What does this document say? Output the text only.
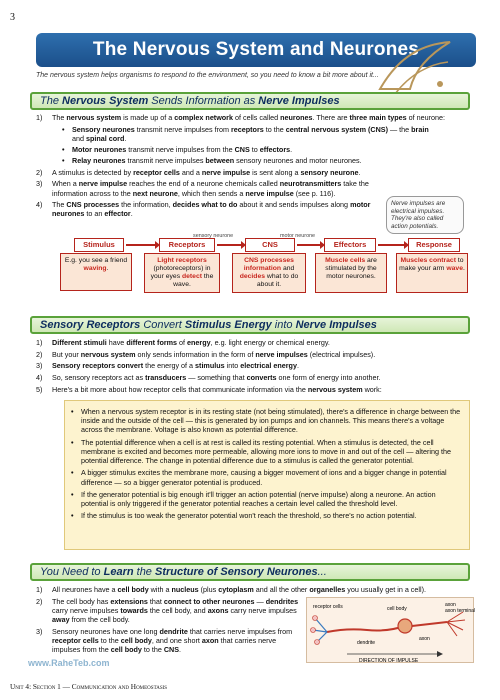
3
The Nervous System and Neurones
The nervous system helps organisms to respond to the environment, so you need to know a bit more about it...
The Nervous System Sends Information as Nerve Impulses
1)	The nervous system is made up of a complex network of cells called neurones. There are three main types of neurone:
•	Sensory neurones transmit nerve impulses from receptors to the central nervous system (CNS) — the brain and spinal cord.
•	Motor neurones transmit nerve impulses from the CNS to effectors.
•	Relay neurones transmit nerve impulses between sensory neurones and motor neurones.
2)	A stimulus is detected by receptor cells and a nerve impulse is sent along a sensory neurone.
3)	When a nerve impulse reaches the end of a neurone chemicals called neurotransmitters take the information across to the next neurone, which then sends a nerve impulse (see p. 116).
4)	The CNS processes the information, decides what to do about it and sends impulses along motor neurones to an effector.
Nerve impulses are electrical impulses. They're also called action potentials.
Stimulus	Receptors	CNS	Effectors	Response
sensory neurone	motor neurone
E.g. you see a friend waving.
Light receptors (photoreceptors) in your eyes detect the wave.
CNS processes information and decides what to do about it.
Muscle cells are stimulated by the motor neurones.
Muscles contract to make your arm wave.
Sensory Receptors Convert Stimulus Energy into Nerve Impulses
1)	Different stimuli have different forms of energy, e.g. light energy or chemical energy.
2)	But your nervous system only sends information in the form of nerve impulses (electrical impulses).
3)	Sensory receptors convert the energy of a stimulus into electrical energy.
4)	So, sensory receptors act as transducers — something that converts one form of energy into another.
5)	Here's a bit more about how receptor cells that communicate information via the nervous system work:
•	When a nervous system receptor is in its resting state (not being stimulated), there's a difference in charge between the inside and the outside of the cell — this is generated by ion pumps and ion channels. This means there's a voltage across the membrane. Voltage is also known as potential difference.
•	The potential difference when a cell is at rest is called its resting potential. When a stimulus is detected, the cell membrane is excited and becomes more permeable, allowing more ions to move in and out of the cell — altering the potential difference. The change in potential difference due to a stimulus is called the generator potential.
•	A bigger stimulus excites the membrane more, causing a bigger movement of ions and a bigger change in potential difference — so a bigger generator potential is produced.
•	If the generator potential is big enough it'll trigger an action potential (nerve impulse) along a neurone. An action potential is only triggered if the generator potential reaches a certain level called the threshold level.
•	If the stimulus is too weak the generator potential won't reach the threshold, so there's no action potential.
You Need to Learn the Structure of Sensory Neurones...
1)	All neurones have a cell body with a nucleus (plus cytoplasm and all the other organelles you usually get in a cell).
2)	The cell body has extensions that connect to other neurones — dendrites carry nerve impulses towards the cell body, and axons carry nerve impulses away from the cell body.
3)	Sensory neurones have one long dendrite that carries nerve impulses from receptor cells to the cell body, and one short axon that carries nerve impulses from the cell body to the CNS.
receptor cells	cell body
axon
axon terminal
dendrite
axon
DIRECTION OF IMPULSE
www.RaheTeb.com
Unit 4: Section 1 — Communication and Homeostasis
